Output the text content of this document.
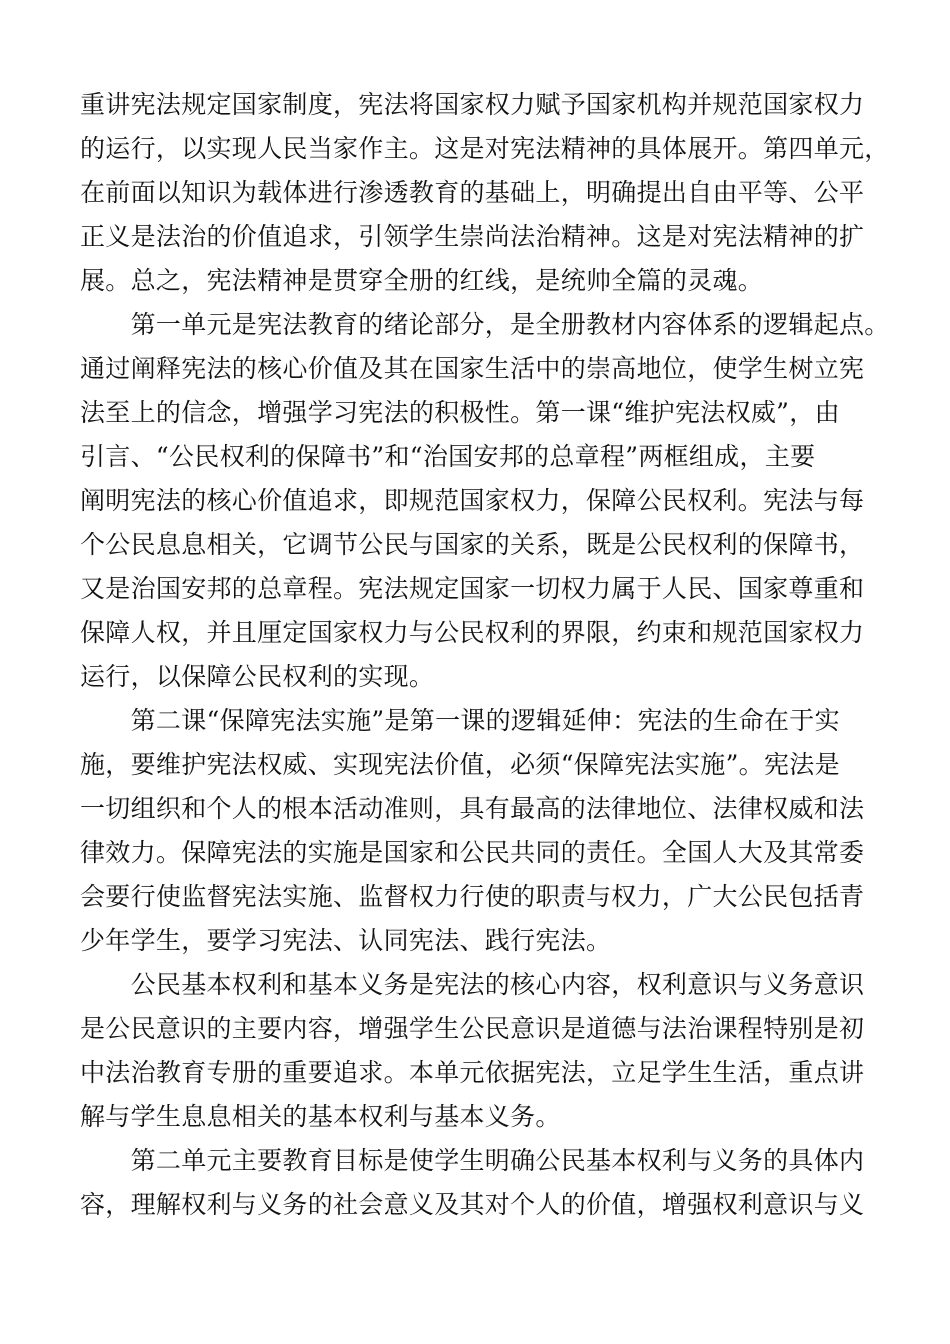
重讲宪法规定国家制度，宪法将国家权力赋予国家机构并规范国家权力
的运行，以实现人民当家作主。这是对宪法精神的具体展开。第四单元，
在前面以知识为载体进行渗透教育的基础上，明确提出自由平等、公平
正义是法治的价值追求，引领学生崇尚法治精神。这是对宪法精神的扩
展。总之，宪法精神是贯穿全册的红线，是统帅全篇的灵魂。
　　第一单元是宪法教育的绪论部分，是全册教材内容体系的逻辑起点。
通过阐释宪法的核心价值及其在国家生活中的崇高地位，使学生树立宪
法至上的信念，增强学习宪法的积极性。第一课“维护宪法权威”，由
引言、“公民权利的保障书”和“治国安邦的总章程”两框组成，主要
阐明宪法的核心价值追求，即规范国家权力，保障公民权利。宪法与每
个公民息息相关，它调节公民与国家的关系，既是公民权利的保障书，
又是治国安邦的总章程。宪法规定国家一切权力属于人民、国家尊重和
保障人权，并且厘定国家权力与公民权利的界限，约束和规范国家权力
运行，以保障公民权利的实现。
　　第二课“保障宪法实施”是第一课的逻辑延伸：宪法的生命在于实
施，要维护宪法权威、实现宪法价值，必须“保障宪法实施”。宪法是
一切组织和个人的根本活动准则，具有最高的法律地位、法律权威和法
律效力。保障宪法的实施是国家和公民共同的责任。全国人大及其常委
会要行使监督宪法实施、监督权力行使的职责与权力，广大公民包括青
少年学生，要学习宪法、认同宪法、践行宪法。
　　公民基本权利和基本义务是宪法的核心内容，权利意识与义务意识
是公民意识的主要内容，增强学生公民意识是道德与法治课程特别是初
中法治教育专册的重要追求。本单元依据宪法，立足学生生活，重点讲
解与学生息息相关的基本权利与基本义务。
　　第二单元主要教育目标是使学生明确公民基本权利与义务的具体内
容，理解权利与义务的社会意义及其对个人的价值，增强权利意识与义
